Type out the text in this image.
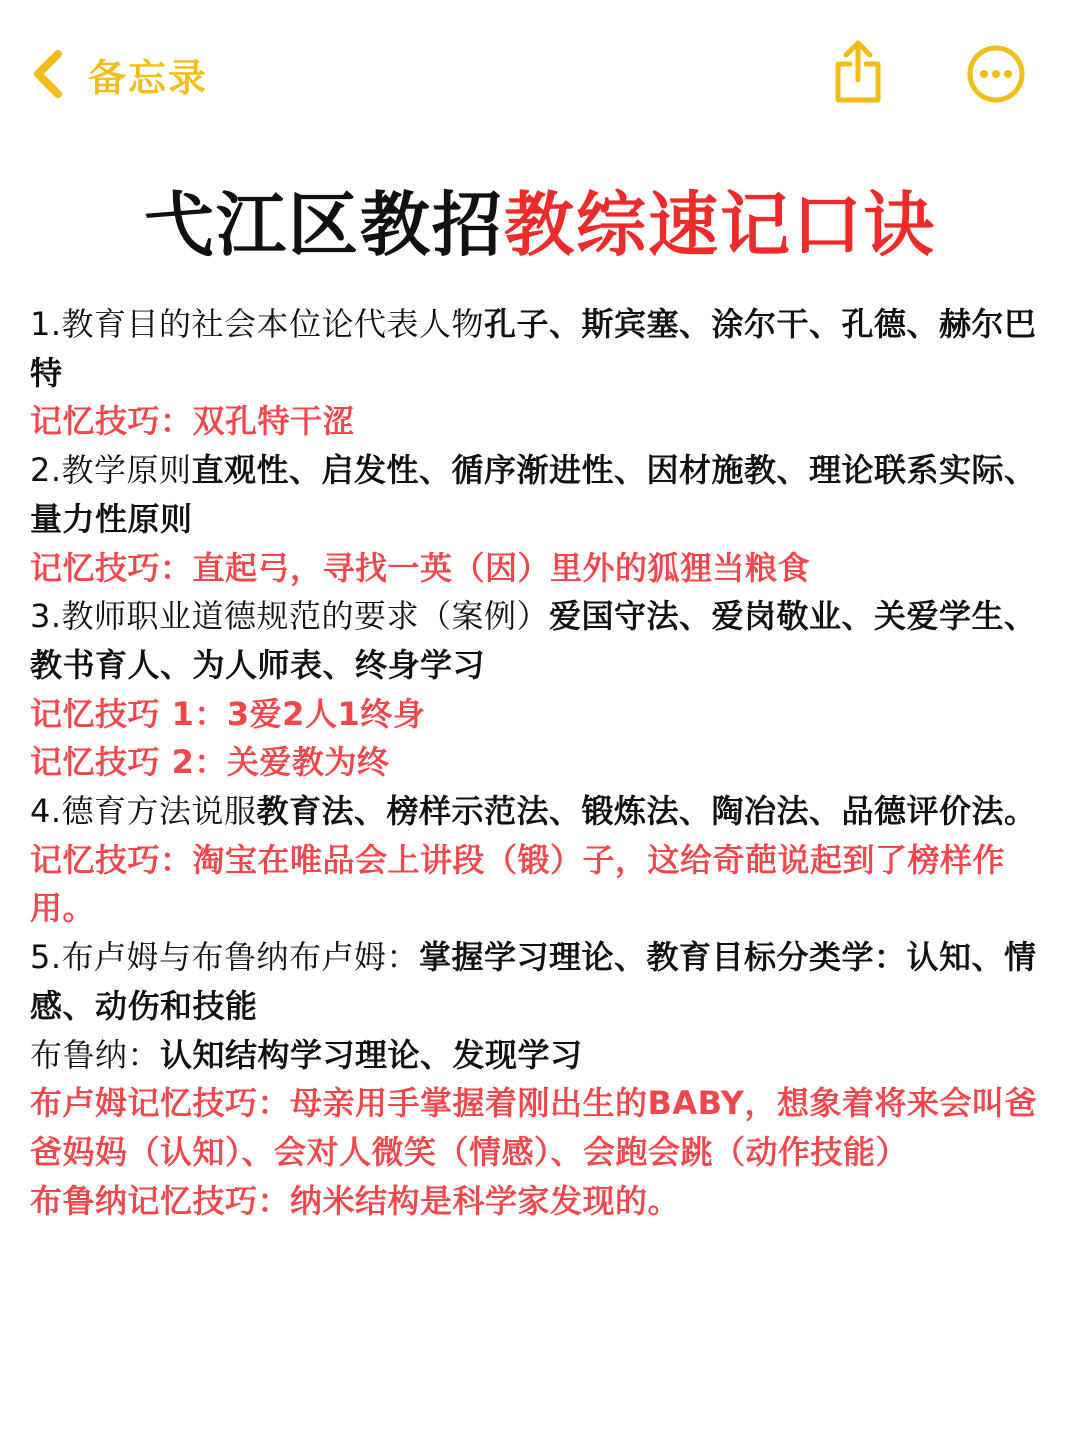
备忘录
弋江区教招教综速记口诀

1.教育目的社会本位论代表人物孔子、斯宾塞、涂尔干、孔德、赫尔巴特

记忆技巧：双孔特干涩

2.教学原则直观性、启发性、循序渐进性、因材施教、理论联系实际、量力性原则

记忆技巧：直起弓，寻找一英（因）里外的狐狸当粮食

3.教师职业道德规范的要求（案例）爱国守法、爱岗敬业、关爱学生、教书育人、为人师表、终身学习

记忆技巧 1：3爱2人1终身

记忆技巧 2：关爱教为终

4.德育方法说服教育法、榜样示范法、锻炼法、陶冶法、品德评价法。

记忆技巧：淘宝在唯品会上讲段（锻）子，这给奇葩说起到了榜样作用。

5.布卢姆与布鲁纳布卢姆：掌握学习理论、教育目标分类学：认知、情感、动伤和技能

布鲁纳：认知结构学习理论、发现学习

布卢姆记忆技巧：母亲用手掌握着刚出生的BABY，想象着将来会叫爸爸妈妈（认知）、会对人微笑（情感）、会跑会跳（动作技能）

布鲁纳记忆技巧：纳米结构是科学家发现的。
